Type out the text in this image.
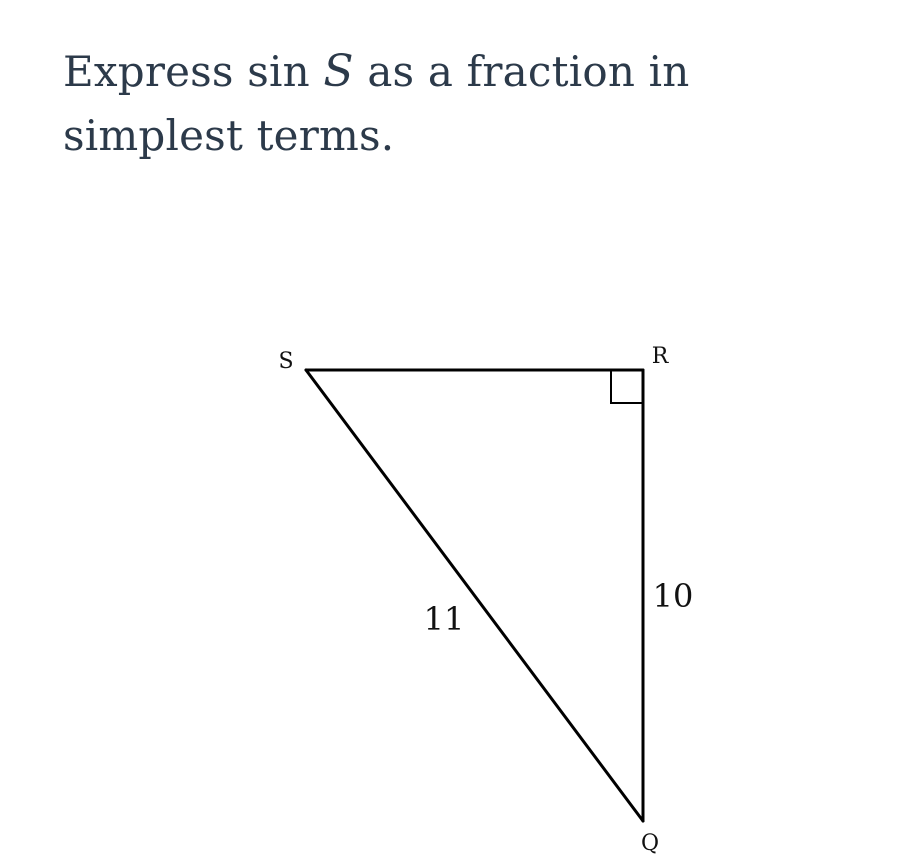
Express sin S as a fraction in simplest terms.

S	R
Q
11
10
